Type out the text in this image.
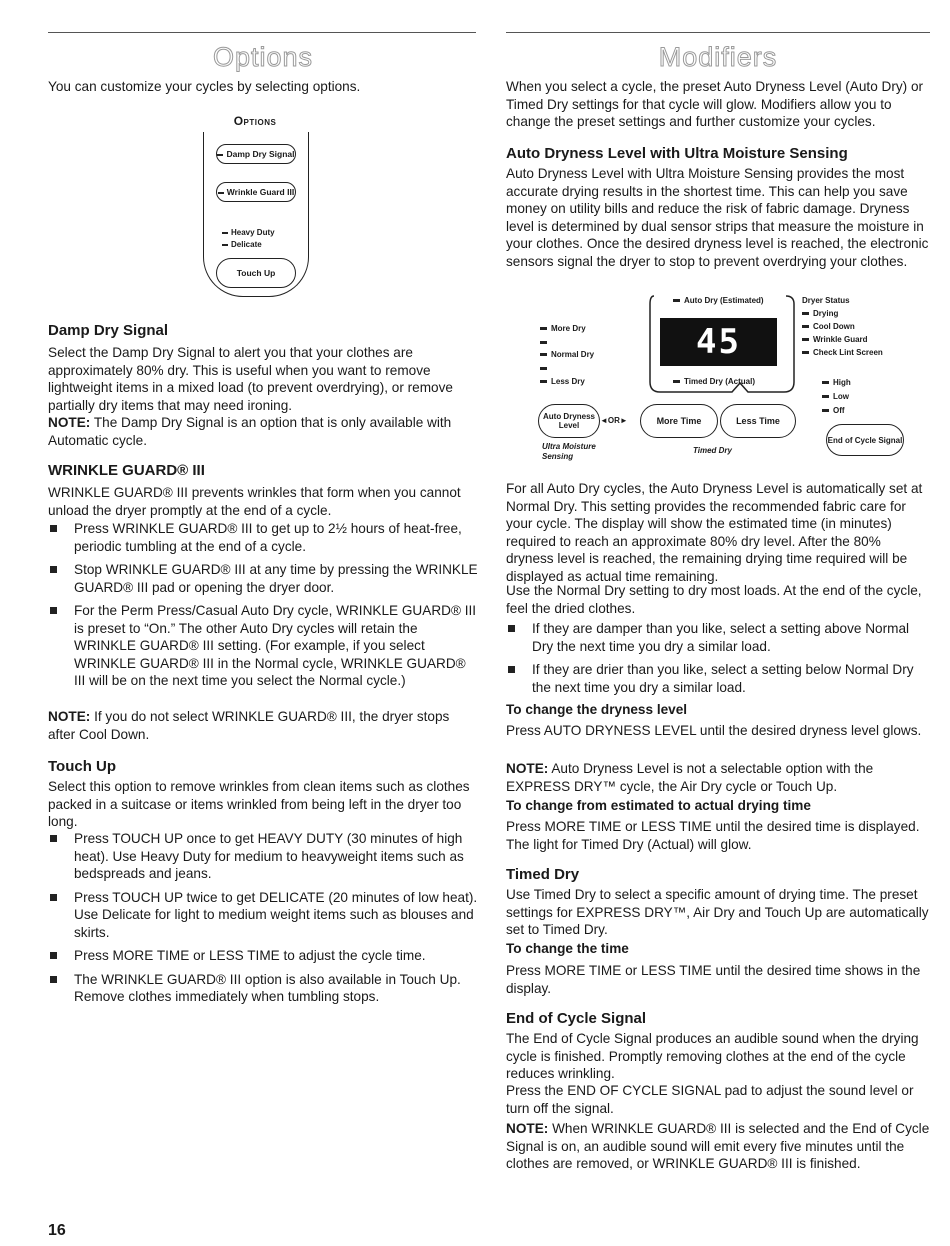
Options

You can customize your cycles by selecting options.

Options
Damp Dry Signal
Wrinkle Guard III
Heavy Duty
Delicate
Touch Up
Damp Dry Signal

Select the Damp Dry Signal to alert you that your clothes are approximately 80% dry. This is useful when you want to remove lightweight items in a mixed load (to prevent overdrying), or remove partially dry items that may need ironing.

NOTE: The Damp Dry Signal is an option that is only available with Automatic cycle.

WRINKLE GUARD® III

WRINKLE GUARD® III prevents wrinkles that form when you cannot unload the dryer promptly at the end of a cycle.

Press WRINKLE GUARD® III to get up to 2½ hours of heat-free, periodic tumbling at the end of a cycle.
Stop WRINKLE GUARD® III at any time by pressing the WRINKLE GUARD® III pad or opening the dryer door.
For the Perm Press/Casual Auto Dry cycle, WRINKLE GUARD® III is preset to “On.” The other Auto Dry cycles will retain the WRINKLE GUARD® III setting. (For example, if you select WRINKLE GUARD® III in the Normal cycle, WRINKLE GUARD® III will be on the next time you select the Normal cycle.)

NOTE: If you do not select WRINKLE GUARD® III, the dryer stops after Cool Down.

Touch Up

Select this option to remove wrinkles from clean items such as clothes packed in a suitcase or items wrinkled from being left in the dryer too long.

Press TOUCH UP once to get HEAVY DUTY (30 minutes of high heat). Use Heavy Duty for medium to heavyweight items such as bedspreads and jeans.
Press TOUCH UP twice to get DELICATE (20 minutes of low heat). Use Delicate for light to medium weight items such as blouses and skirts.
Press MORE TIME or LESS TIME to adjust the cycle time.
The WRINKLE GUARD® III option is also available in Touch Up. Remove clothes immediately when tumbling stops.
16
Modifiers

When you select a cycle, the preset Auto Dryness Level (Auto Dry) or Timed Dry settings for that cycle will glow. Modifiers allow you to change the preset settings and further customize your cycles.

Auto Dryness Level with Ultra Moisture Sensing

Auto Dryness Level with Ultra Moisture Sensing provides the most accurate drying results in the shortest time. This can help you save money on utility bills and reduce the risk of fabric damage. Dryness level is determined by dual sensor strips that measure the moisture in your clothes. Once the desired dryness level is reached, the electronic sensors signal the dryer to stop to prevent overdrying your clothes.

Auto Dry (Estimated)
45
Timed Dry (Actual)
More Dry
Normal Dry
Less Dry
Dryer Status
Drying
Cool Down
Wrinkle Guard
Check Lint Screen
Auto Dryness Level
◄OR►	More Time	Less Time
Ultra Moisture Sensing
Timed Dry
High
Low
Off
End of Cycle Signal

For all Auto Dry cycles, the Auto Dryness Level is automatically set at Normal Dry. This setting provides the recommended fabric care for your cycle. The display will show the estimated time (in minutes) required to reach an approximate 80% dry level. After the 80% dryness level is reached, the remaining drying time required will be displayed as actual time remaining.

Use the Normal Dry setting to dry most loads. At the end of the cycle, feel the dried clothes.

If they are damper than you like, select a setting above Normal Dry the next time you dry a similar load.
If they are drier than you like, select a setting below Normal Dry the next time you dry a similar load.
To change the dryness level

Press AUTO DRYNESS LEVEL until the desired dryness level glows.

NOTE: Auto Dryness Level is not a selectable option with the EXPRESS DRY™ cycle, the Air Dry cycle or Touch Up.

To change from estimated to actual drying time

Press MORE TIME or LESS TIME until the desired time is displayed. The light for Timed Dry (Actual) will glow.

Timed Dry

Use Timed Dry to select a specific amount of drying time. The preset settings for EXPRESS DRY™, Air Dry and Touch Up are automatically set to Timed Dry.

To change the time

Press MORE TIME or LESS TIME until the desired time shows in the display.

End of Cycle Signal

The End of Cycle Signal produces an audible sound when the drying cycle is finished. Promptly removing clothes at the end of the cycle reduces wrinkling.

Press the END OF CYCLE SIGNAL pad to adjust the sound level or turn off the signal.

NOTE: When WRINKLE GUARD® III is selected and the End of Cycle Signal is on, an audible sound will emit every five minutes until the clothes are removed, or WRINKLE GUARD® III is finished.
